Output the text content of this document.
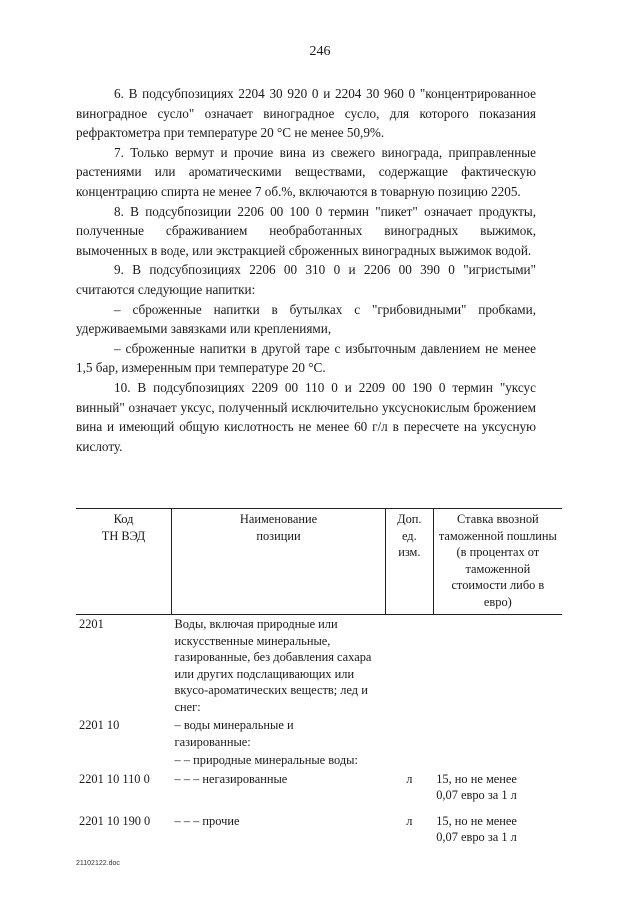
246

6. В подсубпозициях 2204 30 920 0 и 2204 30 960 0 "концентрированное виноградное сусло" означает виноградное сусло, для которого показания рефрактометра при температуре 20 °С не менее 50,9%.

7. Только вермут и прочие вина из свежего винограда, приправленные растениями или ароматическими веществами, содержащие фактическую концентрацию спирта не менее 7 об.%, включаются в товарную позицию 2205.

8. В подсубпозиции 2206 00 100 0 термин "пикет" означает продукты, полученные сбраживанием необработанных виноградных выжимок, вымоченных в воде, или экстракцией сброженных виноградных выжимок водой.

9. В подсубпозициях 2206 00 310 0 и 2206 00 390 0 "игристыми" считаются следующие напитки:

– сброженные напитки в бутылках с "грибовидными" пробками, удерживаемыми завязками или креплениями,

– сброженные напитки в другой таре с избыточным давлением не менее 1,5 бар, измеренным при температуре 20 °С.

10. В подсубпозициях 2209 00 110 0 и 2209 00 190 0 термин "уксус винный" означает уксус, полученный исключительно уксуснокислым брожением вина и имеющий общую кислотность не менее 60 г/л в пересчете на уксусную кислоту.

Код
ТН ВЭД	Наименование
позиции	Доп.
ед.
изм.	Ставка ввозной таможенной пошлины
(в процентах от таможенной стоимости либо в евро)
2201	Воды, включая природные или искусственные минеральные, газированные, без добавления сахара или других подслащивающих или вкусо-ароматических веществ; лед и снег:		
2201 10	– воды минеральные и
газированные:		
	– – природные минеральные воды:		
2201 10 110 0	– – – негазированные	л	15, но не менее
0,07 евро за 1 л
2201 10 190 0	– – – прочие	л	15, но не менее
0,07 евро за 1 л
21102122.doc
